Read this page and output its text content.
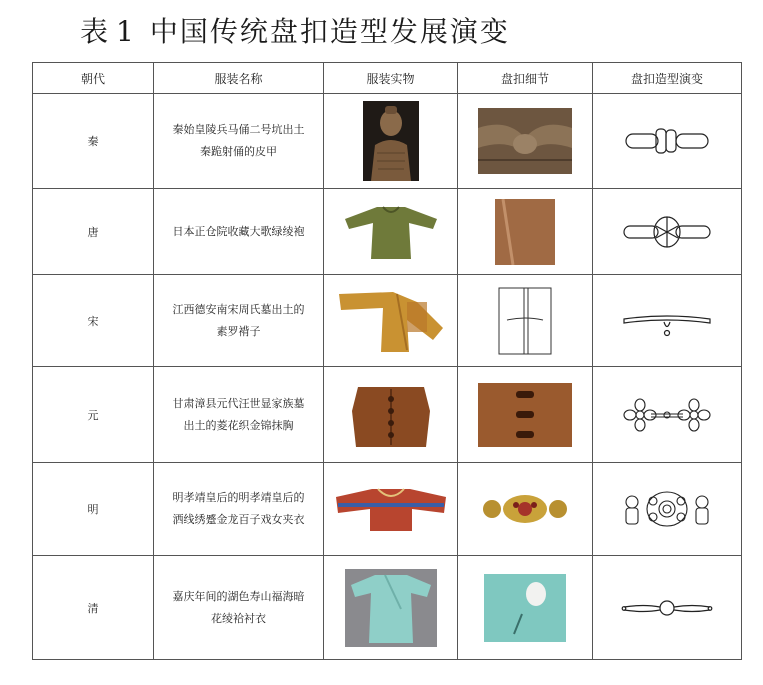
表 1 中国传统盘扣造型发展演变
朝代	服装名称	服装实物	盘扣细节	盘扣造型演变
秦	秦始皇陵兵马俑二号坑出土
秦跪射俑的皮甲

唐	日本正仓院收藏大歌绿绫袍

宋	江西德安南宋周氏墓出土的
素罗褙子

元	甘肃漳县元代汪世显家族墓
出土的菱花织金锦抹胸

明	明孝靖皇后的明孝靖皇后的
洒线绣蹙金龙百子戏女夹衣

清	嘉庆年间的湖色寿山福海暗
花绫袷衬衣
